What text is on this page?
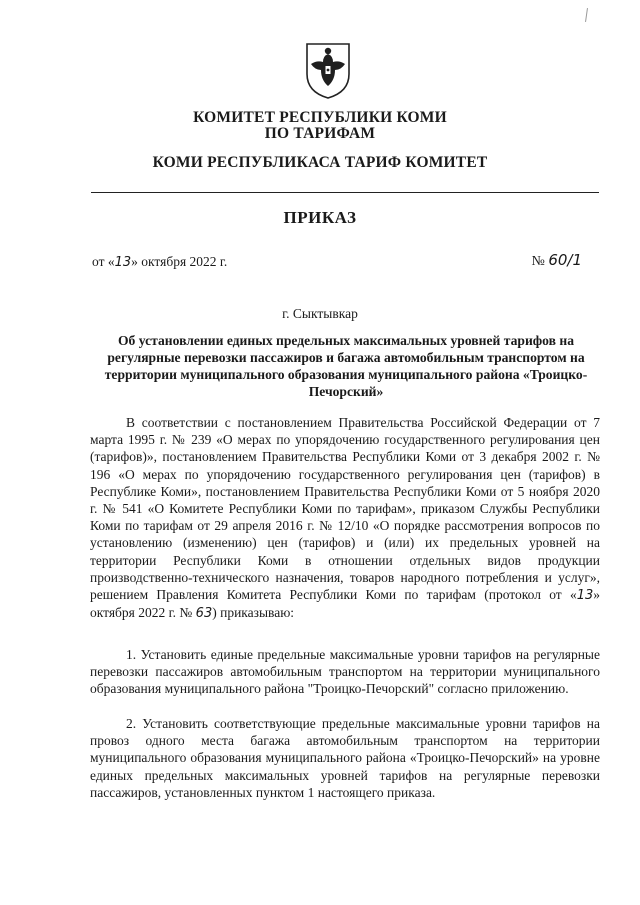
КОМИТЕТ РЕСПУБЛИКИ КОМИ
ПО ТАРИФАМ
КОМИ РЕСПУБЛИКАСА ТАРИФ КОМИТЕТ
ПРИКАЗ
от «13» октября 2022 г.	№ 60/1
г. Сыктывкар
Об установлении единых предельных максимальных уровней тарифов на регулярные перевозки пассажиров и багажа автомобильным транспортом на территории муниципального образования муниципального района «Троицко-Печорский»

В соответствии с постановлением Правительства Российской Федерации от 7 марта 1995 г. № 239 «О мерах по упорядочению государственного регулирования цен (тарифов)», постановлением Правительства Республики Коми от 3 декабря 2002 г. № 196 «О мерах по упорядочению государственного регулирования цен (тарифов) в Республике Коми», постановлением Правительства Республики Коми от 5 ноября 2020 г. № 541 «О Комитете Республики Коми по тарифам», приказом Службы Республики Коми по тарифам от 29 апреля 2016 г. № 12/10 «О порядке рассмотрения вопросов по установлению (изменению) цен (тарифов) и (или) их предельных уровней на территории Республики Коми в отношении отдельных видов продукции производственно-технического назначения, товаров народного потребления и услуг», решением Правления Комитета Республики Коми по тарифам (протокол от «13» октября 2022 г. № 63) приказываю:

1. Установить единые предельные максимальные уровни тарифов на регулярные перевозки пассажиров автомобильным транспортом на территории муниципального образования муниципального района "Троицко-Печорский" согласно приложению.

2. Установить соответствующие предельные максимальные уровни тарифов на провоз одного места багажа автомобильным транспортом на территории муниципального образования муниципального района «Троицко-Печорский» на уровне единых предельных максимальных уровней тарифов на регулярные перевозки пассажиров, установленных пунктом 1 настоящего приказа.
